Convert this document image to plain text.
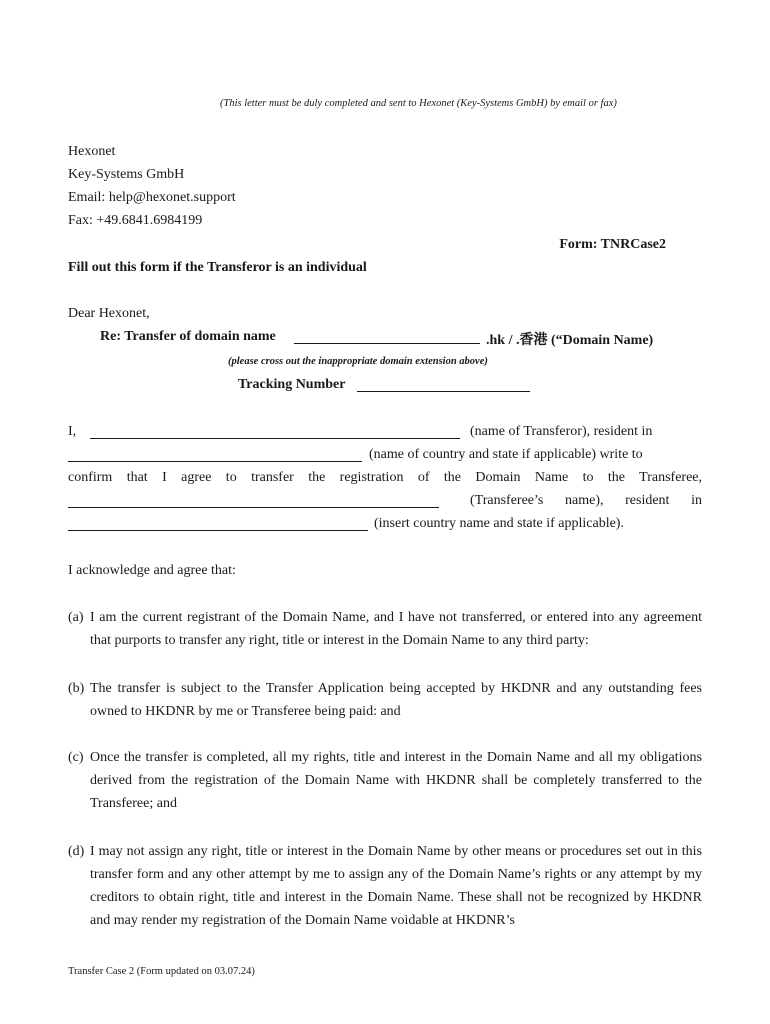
(This letter must be duly completed and sent to Hexonet (Key-Systems GmbH) by email or fax)
Hexonet
Key-Systems GmbH
Email: help@hexonet.support
Fax: +49.6841.6984199
Form: TNRCase2
Fill out this form if the Transferor is an individual
Dear Hexonet,
Re: Transfer of domain name	.hk / .香港 (“Domain Name)
(please cross out the inappropriate domain extension above)
Tracking Number
I,	(name of Transferor), resident in
(name of country and state if applicable) write to
confirm that I agree to transfer the registration of the Domain Name to the Transferee,
(Transferee’s name), resident in
(insert country name and state if applicable).
I acknowledge and agree that:
(a) I am the current registrant of the Domain Name, and I have not transferred, or entered into any agreement that purports to transfer any right, title or interest in the Domain Name to any third party:
(b) The transfer is subject to the Transfer Application being accepted by HKDNR and any outstanding fees owned to HKDNR by me or Transferee being paid: and
(c) Once the transfer is completed, all my rights, title and interest in the Domain Name and all my obligations derived from the registration of the Domain Name with HKDNR shall be completely transferred to the Transferee; and
(d) I may not assign any right, title or interest in the Domain Name by other means or procedures set out in this transfer form and any other attempt by me to assign any of the Domain Name’s rights or any attempt by my creditors to obtain right, title and interest in the Domain Name. These shall not be recognized by HKDNR and may render my registration of the Domain Name voidable at HKDNR’s
Transfer Case 2 (Form updated on 03.07.24)
